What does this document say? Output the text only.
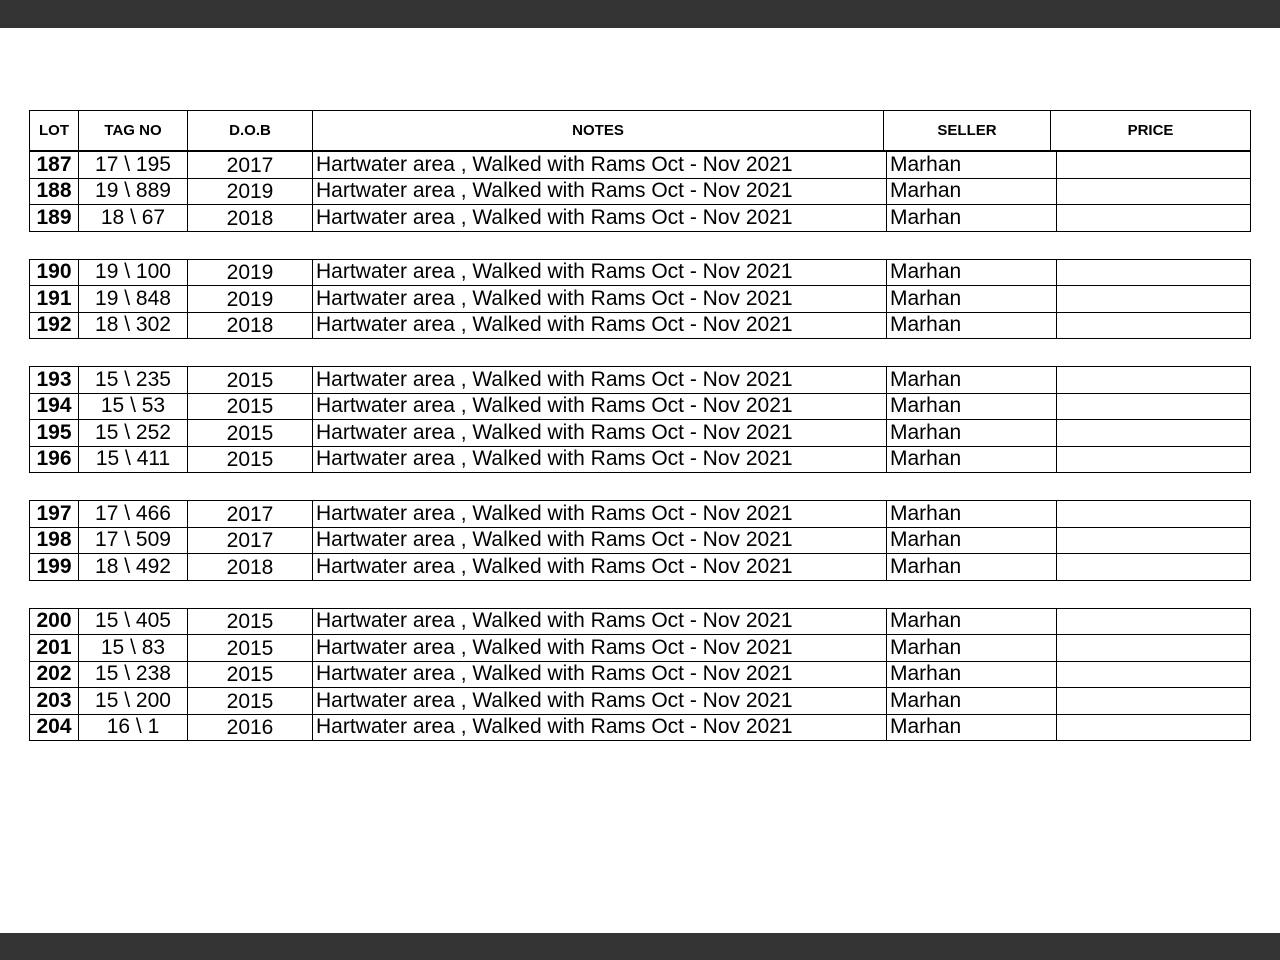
LOT	TAG NO	D.O.B	NOTES	SELLER	PRICE
187	17 \ 195	2017	Hartwater area , Walked with Rams Oct - Nov 2021	Marhan	
188	19 \ 889	2019	Hartwater area , Walked with Rams Oct - Nov 2021	Marhan	
189	18 \ 67	2018	Hartwater area , Walked with Rams Oct - Nov 2021	Marhan	
190	19 \ 100	2019	Hartwater area , Walked with Rams Oct - Nov 2021	Marhan	
191	19 \ 848	2019	Hartwater area , Walked with Rams Oct - Nov 2021	Marhan	
192	18 \ 302	2018	Hartwater area , Walked with Rams Oct - Nov 2021	Marhan	
193	15 \ 235	2015	Hartwater area , Walked with Rams Oct - Nov 2021	Marhan	
194	15 \ 53	2015	Hartwater area , Walked with Rams Oct - Nov 2021	Marhan	
195	15 \ 252	2015	Hartwater area , Walked with Rams Oct - Nov 2021	Marhan	
196	15 \ 411	2015	Hartwater area , Walked with Rams Oct - Nov 2021	Marhan	
197	17 \ 466	2017	Hartwater area , Walked with Rams Oct - Nov 2021	Marhan	
198	17 \ 509	2017	Hartwater area , Walked with Rams Oct - Nov 2021	Marhan	
199	18 \ 492	2018	Hartwater area , Walked with Rams Oct - Nov 2021	Marhan	
200	15 \ 405	2015	Hartwater area , Walked with Rams Oct - Nov 2021	Marhan	
201	15 \ 83	2015	Hartwater area , Walked with Rams Oct - Nov 2021	Marhan	
202	15 \ 238	2015	Hartwater area , Walked with Rams Oct - Nov 2021	Marhan	
203	15 \ 200	2015	Hartwater area , Walked with Rams Oct - Nov 2021	Marhan	
204	16 \ 1	2016	Hartwater area , Walked with Rams Oct - Nov 2021	Marhan	
